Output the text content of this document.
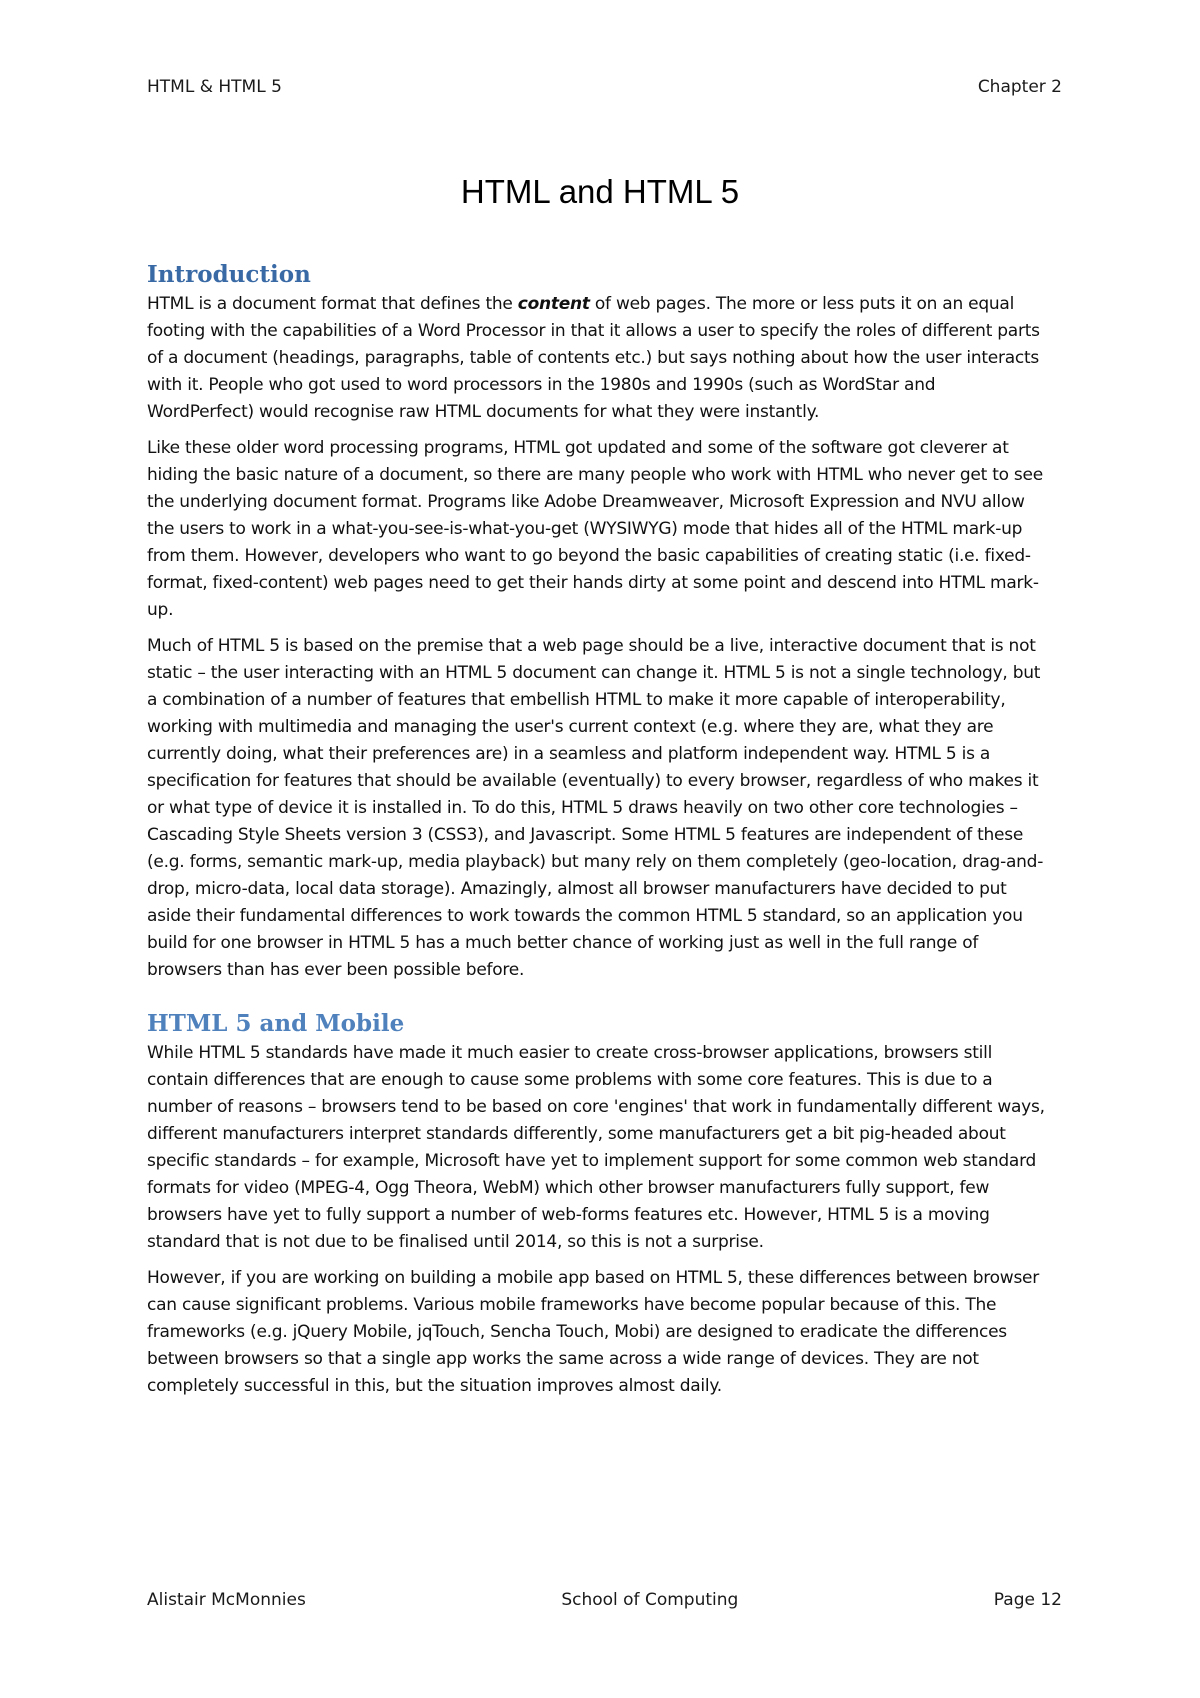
HTML & HTML 5	Chapter 2
HTML and HTML 5
Introduction

HTML is a document format that defines the content of web pages. The more or less puts it on an equal footing with the capabilities of a Word Processor in that it allows a user to specify the roles of different parts of a document (headings, paragraphs, table of contents etc.) but says nothing about how the user interacts with it. People who got used to word processors in the 1980s and 1990s (such as WordStar and WordPerfect) would recognise raw HTML documents for what they were instantly.

Like these older word processing programs, HTML got updated and some of the software got cleverer at hiding the basic nature of a document, so there are many people who work with HTML who never get to see the underlying document format. Programs like Adobe Dreamweaver, Microsoft Expression and NVU allow the users to work in a what-you-see-is-what-you-get (WYSIWYG) mode that hides all of the HTML mark-up from them. However, developers who want to go beyond the basic capabilities of creating static (i.e. fixed-format, fixed-content) web pages need to get their hands dirty at some point and descend into HTML mark-up.

Much of HTML 5 is based on the premise that a web page should be a live, interactive document that is not static – the user interacting with an HTML 5 document can change it. HTML 5 is not a single technology, but a combination of a number of features that embellish HTML to make it more capable of interoperability, working with multimedia and managing the user's current context (e.g. where they are, what they are currently doing, what their preferences are) in a seamless and platform independent way. HTML 5 is a specification for features that should be available (eventually) to every browser, regardless of who makes it or what type of device it is installed in. To do this, HTML 5 draws heavily on two other core technologies – Cascading Style Sheets version 3 (CSS3), and Javascript. Some HTML 5 features are independent of these (e.g. forms, semantic mark-up, media playback) but many rely on them completely (geo-location, drag-and-drop, micro-data, local data storage). Amazingly, almost all browser manufacturers have decided to put aside their fundamental differences to work towards the common HTML 5 standard, so an application you build for one browser in HTML 5 has a much better chance of working just as well in the full range of browsers than has ever been possible before.

HTML 5 and Mobile

While HTML 5 standards have made it much easier to create cross-browser applications, browsers still contain differences that are enough to cause some problems with some core features. This is due to a number of reasons – browsers tend to be based on core 'engines' that work in fundamentally different ways, different manufacturers interpret standards differently, some manufacturers get a bit pig-headed about specific standards – for example, Microsoft have yet to implement support for some common web standard formats for video (MPEG-4, Ogg Theora, WebM) which other browser manufacturers fully support, few browsers have yet to fully support a number of web-forms features etc. However, HTML 5 is a moving standard that is not due to be finalised until 2014, so this is not a surprise.

However, if you are working on building a mobile app based on HTML 5, these differences between browser can cause significant problems. Various mobile frameworks have become popular because of this. The frameworks (e.g. jQuery Mobile, jqTouch, Sencha Touch, Mobi) are designed to eradicate the differences between browsers so that a single app works the same across a wide range of devices. They are not completely successful in this, but the situation improves almost daily.

Alistair McMonnies	School of Computing	Page 12
